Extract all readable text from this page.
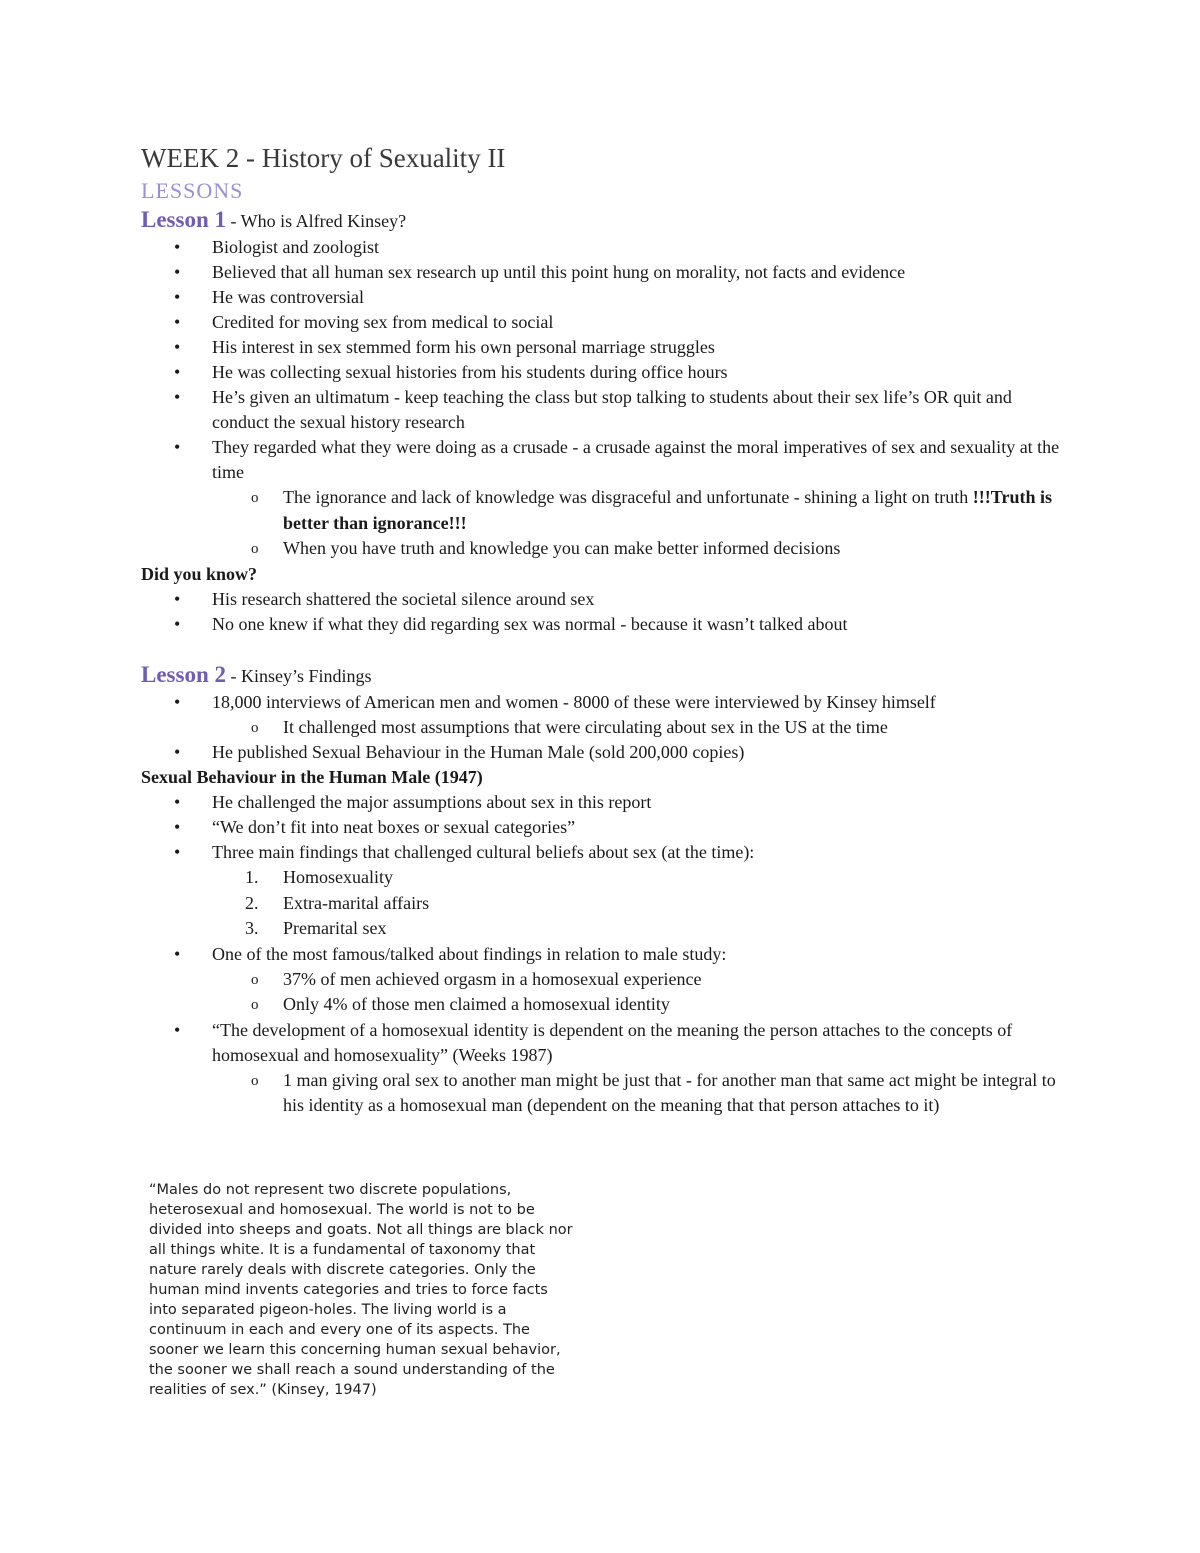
WEEK 2 - History of Sexuality II
LESSONS
Lesson 1 - Who is Alfred Kinsey?
• Biologist and zoologist
• Believed that all human sex research up until this point hung on morality, not facts and evidence
• He was controversial
• Credited for moving sex from medical to social
• His interest in sex stemmed form his own personal marriage struggles
• He was collecting sexual histories from his students during office hours
• He’s given an ultimatum - keep teaching the class but stop talking to students about their sex life’s OR quit and conduct the sexual history research
• They regarded what they were doing as a crusade - a crusade against the moral imperatives of sex and sexuality at the time
o The ignorance and lack of knowledge was disgraceful and unfortunate - shining a light on truth !!!Truth is better than ignorance!!!
o When you have truth and knowledge you can make better informed decisions

Did you know?

• His research shattered the societal silence around sex
• No one knew if what they did regarding sex was normal - because it wasn’t talked about
Lesson 2 - Kinsey’s Findings
• 18,000 interviews of American men and women - 8000 of these were interviewed by Kinsey himself
o It challenged most assumptions that were circulating about sex in the US at the time
• He published Sexual Behaviour in the Human Male (sold 200,000 copies)

Sexual Behaviour in the Human Male (1947)

• He challenged the major assumptions about sex in this report
• “We don’t fit into neat boxes or sexual categories”
• Three main findings that challenged cultural beliefs about sex (at the time):
1. Homosexuality
2. Extra-marital affairs
3. Premarital sex
• One of the most famous/talked about findings in relation to male study:
o 37% of men achieved orgasm in a homosexual experience
o Only 4% of those men claimed a homosexual identity
• “The development of a homosexual identity is dependent on the meaning the person attaches to the concepts of homosexual and homosexuality” (Weeks 1987)
o 1 man giving oral sex to another man might be just that - for another man that same act might be integral to his identity as a homosexual man (dependent on the meaning that that person attaches to it)
“Males do not represent two discrete populations,
heterosexual and homosexual. The world is not to be
divided into sheeps and goats. Not all things are black nor
all things white. It is a fundamental of taxonomy that
nature rarely deals with discrete categories. Only the
human mind invents categories and tries to force facts
into separated pigeon-holes. The living world is a
continuum in each and every one of its aspects. The
sooner we learn this concerning human sexual behavior,
the sooner we shall reach a sound understanding of the
realities of sex.” (Kinsey, 1947)
